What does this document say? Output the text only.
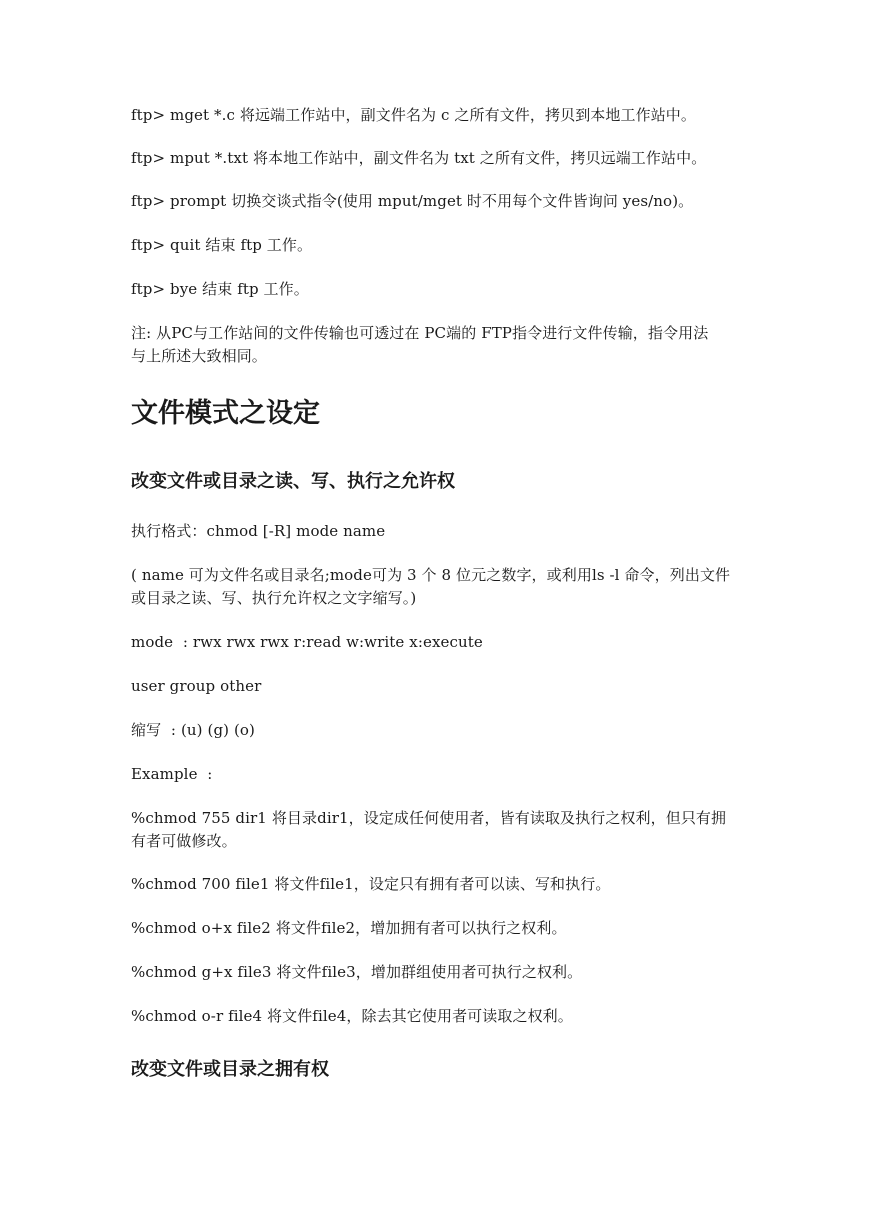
ftp> mget *.c 将远端工作站中，副文件名为 c 之所有文件，拷贝到本地工作站中。

ftp> mput *.txt 将本地工作站中，副文件名为 txt 之所有文件，拷贝远端工作站中。

ftp> prompt 切换交谈式指令(使用 mput/mget 时不用每个文件皆询问 yes/no)。

ftp> quit 结束 ftp 工作。

ftp> bye 结束 ftp 工作。

注: 从PC与工作站间的文件传输也可透过在 PC端的 FTP指令进行文件传输，指令用法与上所述大致相同。

文件模式之设定
改变文件或目录之读、写、执行之允许权

执行格式：chmod [-R] mode name

( name 可为文件名或目录名;mode可为 3 个 8 位元之数字，或利用ls -l 命令，列出文件或目录之读、写、执行允许权之文字缩写。)

mode  : rwx rwx rwx r:read w:write x:execute

user group other

缩写  : (u) (g) (o)

Example  :

%chmod 755 dir1 将目录dir1，设定成任何使用者，皆有读取及执行之权利，但只有拥有者可做修改。

%chmod 700 file1 将文件file1，设定只有拥有者可以读、写和执行。

%chmod o+x file2 将文件file2，增加拥有者可以执行之权利。

%chmod g+x file3 将文件file3，增加群组使用者可执行之权利。

%chmod o-r file4 将文件file4，除去其它使用者可读取之权利。

改变文件或目录之拥有权
